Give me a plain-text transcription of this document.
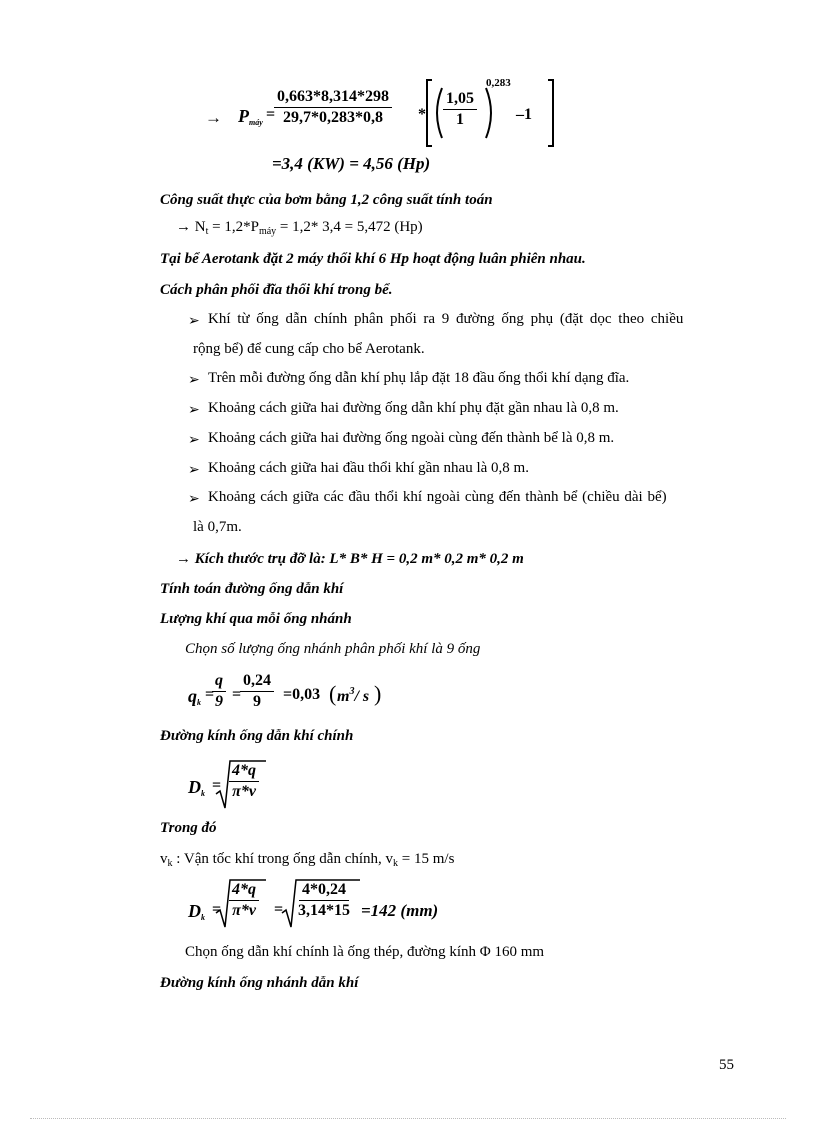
→ $P_{máy}$ =
$\frac{0,663*8,314*298}{29,7*0,283*0,8} * \frac{1,05}{1}$
0,283
–1
=3,4 (KW) = 4,56 (Hp)
Công suất thực của bơm bằng 1,2 công suất tính toán
→ $N_t = 1,2*P_{máy} = 1,2*$ 3,4 = 5,472 (Hp)
Tại bể Aerotank đặt 2 máy thổi khí 6 Hp hoạt động luân phiên nhau.
Cách phân phối đĩa thổi khí trong bể.
➢ Khí từ ống dẫn chính phân phối ra 9 đường ống phụ (đặt dọc theo chiều
rộng bể) để cung cấp cho bể Aerotank.
➢ Trên mỗi đường ống dẫn khí phụ lắp đặt 18 đầu ống thổi khí dạng đĩa.
➢ Khoảng cách giữa hai đường ống dẫn khí phụ đặt gần nhau là 0,8 m.
➢ Khoảng cách giữa hai đường ống ngoài cùng đến thành bể là 0,8 m.
➢ Khoảng cách giữa hai đầu thổi khí gần nhau là 0,8 m.
➢ Khoảng cách giữa các đầu thổi khí ngoài cùng đến thành bể (chiều dài bể)
là 0,7m.
→ Kích thước trụ đỡ là: L* B* H = 0,2 m* 0,2 m* 0,2 m
Tính toán đường ống dẫn khí
Lượng khí qua mỗi ống nhánh
Chọn số lượng ống nhánh phân phối khí là 9 ống
$q_k$ =
$\frac{q}{9}$ =
$\frac{0,24}{9} =0,03$ ( $m^3/$ s )
Đường kính ống dẫn khí chính
$D_k = \frac{4*q}{\pi*v}$
Trong đó
$v_k$ : Vận tốc khí trong ống dẫn chính, $v_k = 15$ m/s
$D_k = \frac{4*q}{\pi*v} = \frac{4*0,24}{3,14*15} =142$ (mm)
Chọn ống dẫn khí chính là ống thép, đường kính Φ 160 mm
Đường kính ống nhánh dẫn khí
55
